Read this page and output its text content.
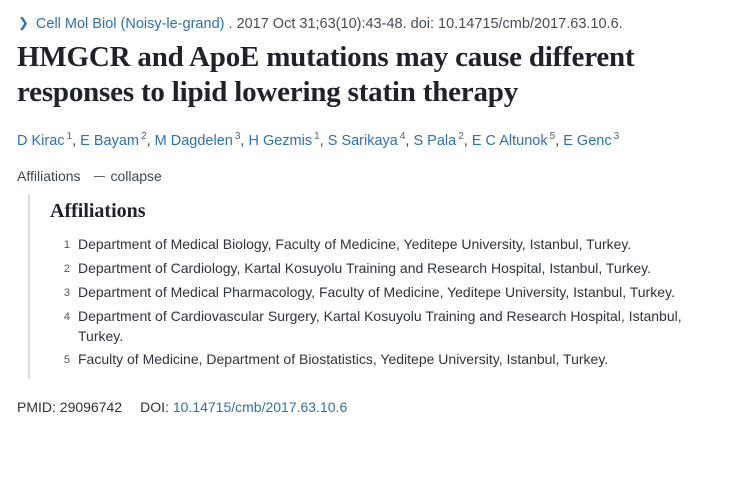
❯ Cell Mol Biol (Noisy-le-grand) . 2017 Oct 31;63(10):43-48. doi: 10.14715/cmb/2017.63.10.6.
HMGCR and ApoE mutations may cause different responses to lipid lowering statin therapy
D Kirac $^1$, E Bayam $^2$, M Dagdelen $^3$, H Gezmis $^1$, S Sarikaya $^4$, S Pala $^2$, E C Altunok $^5$, E Genc $^3$
Affiliations collapse
Affiliations
1 Department of Medical Biology, Faculty of Medicine, Yeditepe University, Istanbul, Turkey.
2 Department of Cardiology, Kartal Kosuyolu Training and Research Hospital, Istanbul, Turkey.
3 Department of Medical Pharmacology, Faculty of Medicine, Yeditepe University, Istanbul, Turkey.
4 Department of Cardiovascular Surgery, Kartal Kosuyolu Training and Research Hospital, Istanbul, Turkey.
5 Faculty of Medicine, Department of Biostatistics, Yeditepe University, Istanbul, Turkey.
PMID: 29096742 DOI: 10.14715/cmb/2017.63.10.6
